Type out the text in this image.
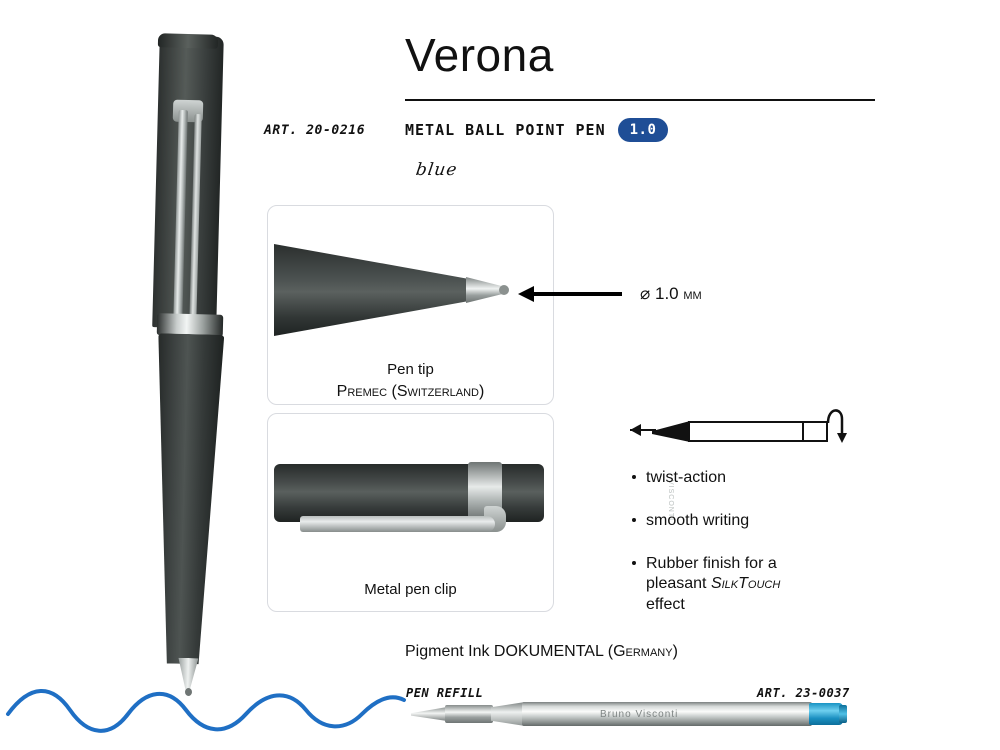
Verona
ART. 20-0216	METAL BALL POINT PEN	1.0
blue
Pen tip
Premec (Switzerland)
⌀ 1.0 мм
VISCONTI
Metal pen clip
twist-action
smooth writing
Rubber finish for a
pleasant SilkTouch
effect
Pigment Ink DOKUMENTAL (Germany)
PEN REFILL	ART. 23-0037
Bruno Visconti
